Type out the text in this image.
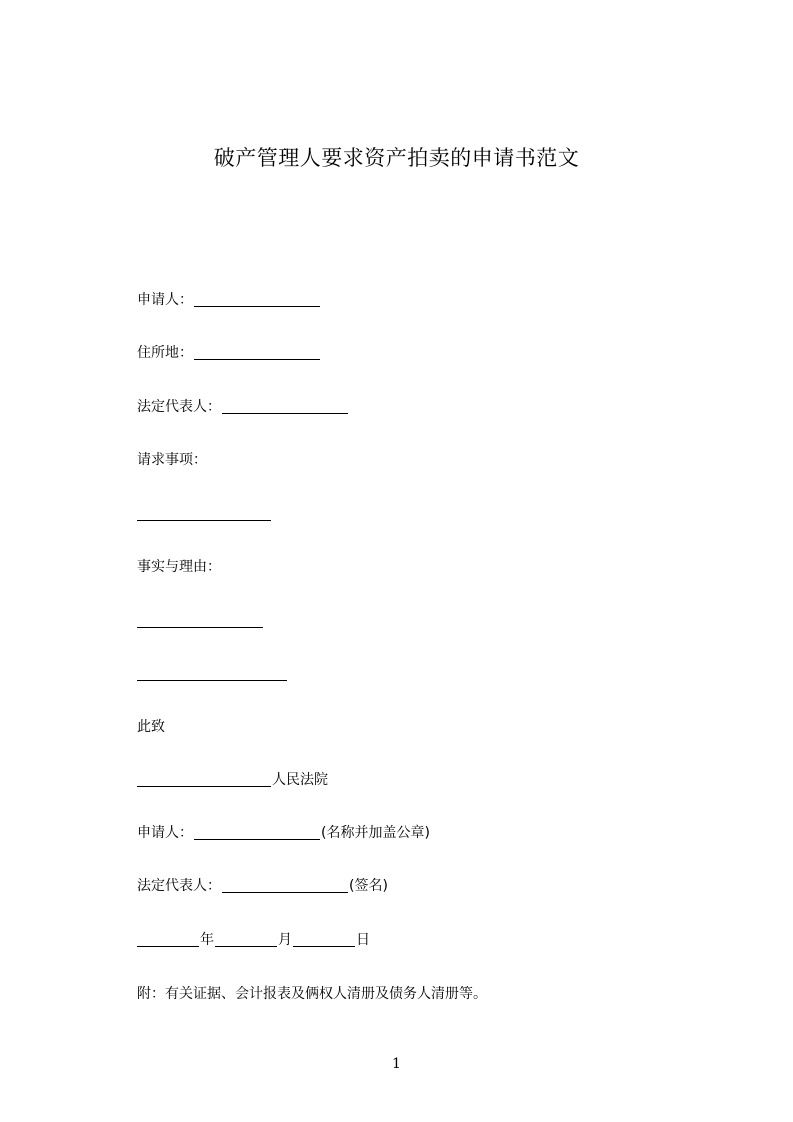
破产管理人要求资产拍卖的申请书范文
申请人：
住所地：
法定代表人：
请求事项：
事实与理由：
此致
人民法院
申请人：	(名称并加盖公章)
法定代表人：	(签名)
年	月	日
附：有关证据、会计报表及俩权人清册及债务人清册等。
1
